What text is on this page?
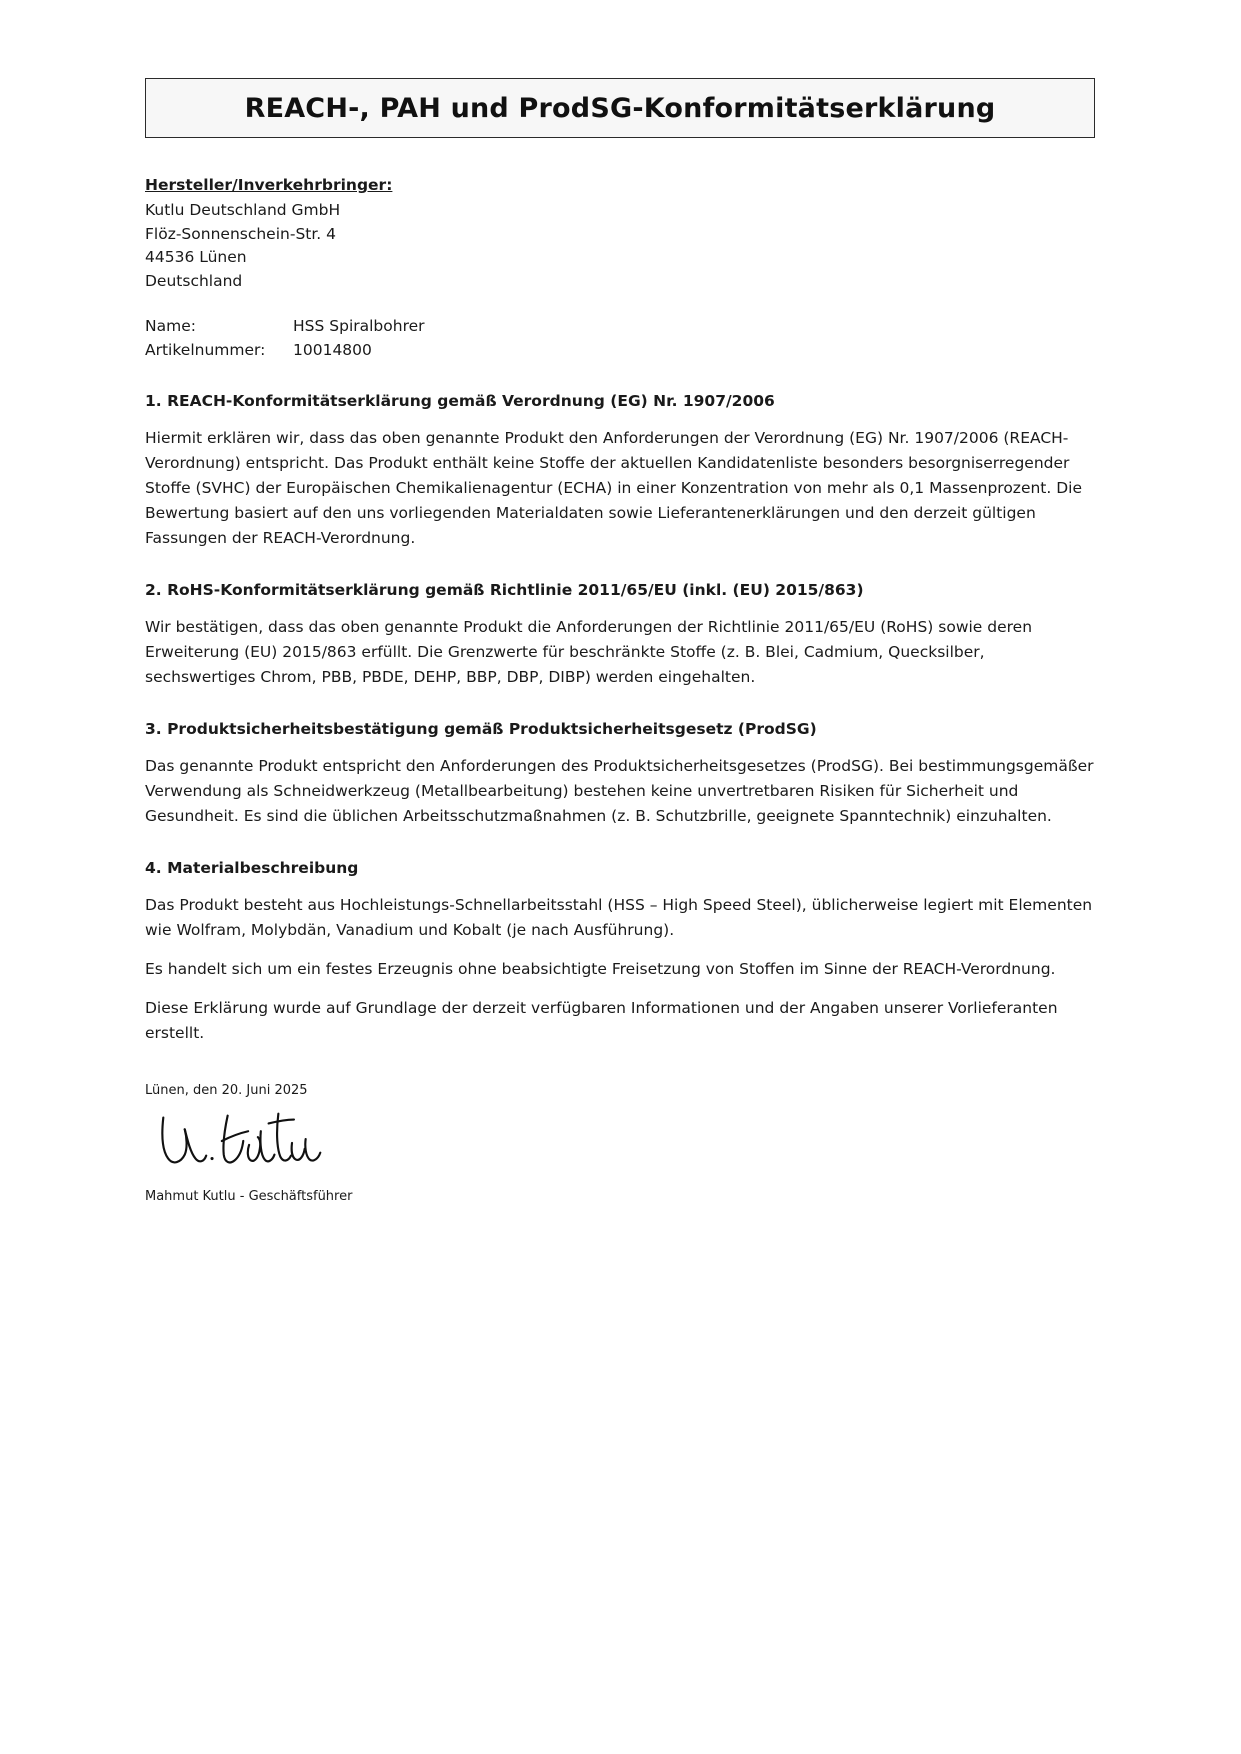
REACH-, PAH und ProdSG-Konformitätserklärung
Hersteller/Inverkehrbringer:
Kutlu Deutschland GmbH
Flöz-Sonnenschein-Str. 4
44536 Lünen
Deutschland
Name:	HSS Spiralbohrer
Artikelnummer:	10014800
1. REACH-Konformitätserklärung gemäß Verordnung (EG) Nr. 1907/2006

Hiermit erklären wir, dass das oben genannte Produkt den Anforderungen der Verordnung (EG) Nr. 1907/2006 (REACH-Verordnung) entspricht. Das Produkt enthält keine Stoffe der aktuellen Kandidatenliste besonders besorgniserregender Stoffe (SVHC) der Europäischen Chemikalienagentur (ECHA) in einer Konzentration von mehr als 0,1 Massenprozent. Die Bewertung basiert auf den uns vorliegenden Materialdaten sowie Lieferantenerklärungen und den derzeit gültigen Fassungen der REACH-Verordnung.

2. RoHS-Konformitätserklärung gemäß Richtlinie 2011/65/EU (inkl. (EU) 2015/863)

Wir bestätigen, dass das oben genannte Produkt die Anforderungen der Richtlinie 2011/65/EU (RoHS) sowie deren Erweiterung (EU) 2015/863 erfüllt. Die Grenzwerte für beschränkte Stoffe (z. B. Blei, Cadmium, Quecksilber, sechswertiges Chrom, PBB, PBDE, DEHP, BBP, DBP, DIBP) werden eingehalten.

3. Produktsicherheitsbestätigung gemäß Produktsicherheitsgesetz (ProdSG)

Das genannte Produkt entspricht den Anforderungen des Produktsicherheitsgesetzes (ProdSG). Bei bestimmungsgemäßer Verwendung als Schneidwerkzeug (Metallbearbeitung) bestehen keine unvertretbaren Risiken für Sicherheit und Gesundheit. Es sind die üblichen Arbeitsschutzmaßnahmen (z. B. Schutzbrille, geeignete Spanntechnik) einzuhalten.

4. Materialbeschreibung

Das Produkt besteht aus Hochleistungs-Schnellarbeitsstahl (HSS – High Speed Steel), üblicherweise legiert mit Elementen wie Wolfram, Molybdän, Vanadium und Kobalt (je nach Ausführung).

Es handelt sich um ein festes Erzeugnis ohne beabsichtigte Freisetzung von Stoffen im Sinne der REACH-Verordnung.

Diese Erklärung wurde auf Grundlage der derzeit verfügbaren Informationen und der Angaben unserer Vorlieferanten erstellt.

Lünen, den 20. Juni 2025
Mahmut Kutlu - Geschäftsführer
